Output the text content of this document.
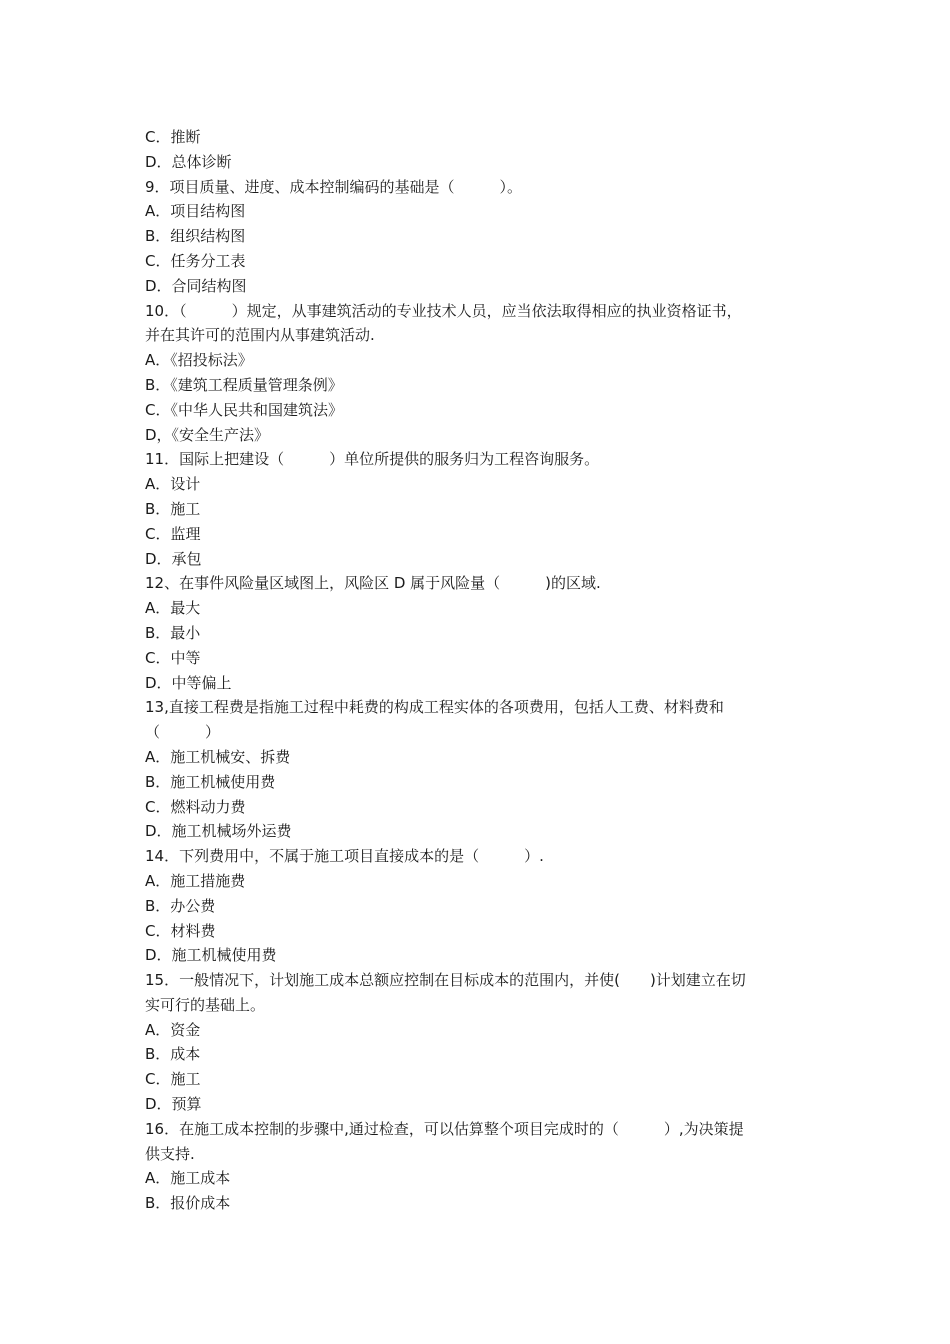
C．推断
D．总体诊断
9．项目质量、进度、成本控制编码的基础是（　　　）。
A．项目结构图
B．组织结构图
C．任务分工表
D．合同结构图
10．（　　　）规定，从事建筑活动的专业技术人员，应当依法取得相应的执业资格证书，
并在其许可的范围内从事建筑活动.
A．《招投标法》
B．《建筑工程质量管理条例》
C．《中华人民共和国建筑法》
D，《安全生产法》
11．国际上把建设（　　　）单位所提供的服务归为工程咨询服务。
A．设计
B．施工
C．监理
D．承包
12、在事件风险量区域图上，风险区 D 属于风险量（　　　)的区域.
A．最大
B．最小
C．中等
D．中等偏上
13,直接工程费是指施工过程中耗费的构成工程实体的各项费用，包括人工费、材料费和
（　　　）
A．施工机械安、拆费
B．施工机械使用费
C．燃料动力费
D．施工机械场外运费
14．下列费用中，不属于施工项目直接成本的是（　　　）.
A．施工措施费
B．办公费
C．材料费
D．施工机械使用费
15．一般情况下，计划施工成本总额应控制在目标成本的范围内，并使(　　)计划建立在切
实可行的基础上。
A．资金
B．成本
C．施工
D．预算
16．在施工成本控制的步骤中,通过检查，可以估算整个项目完成时的（　　　）,为决策提
供支持.
A．施工成本
B．报价成本
